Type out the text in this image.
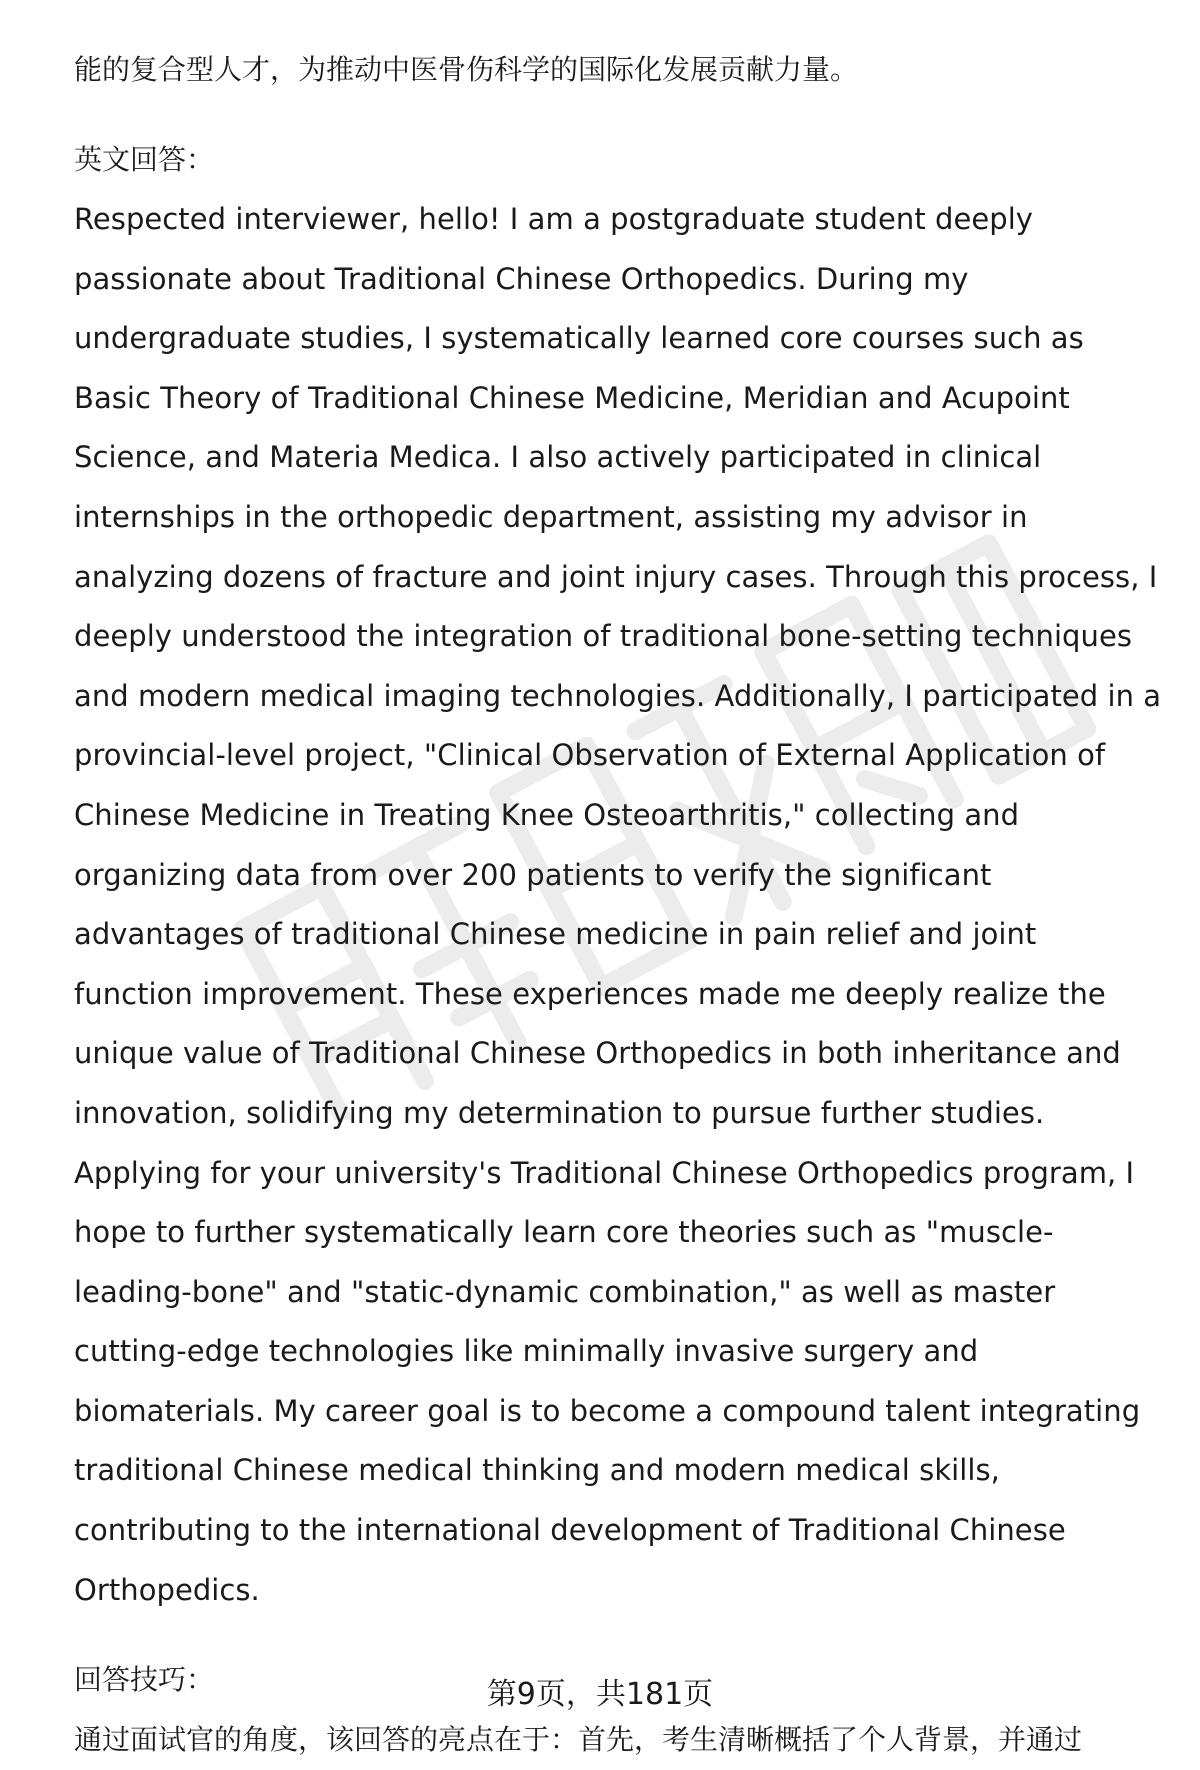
能的复合型人才，为推动中医骨伤科学的国际化发展贡献力量。

英文回答：

Respected interviewer, hello! I am a postgraduate student deeply passionate about Traditional Chinese Orthopedics. During my undergraduate studies, I systematically learned core courses such as Basic Theory of Traditional Chinese Medicine, Meridian and Acupoint Science, and Materia Medica. I also actively participated in clinical internships in the orthopedic department, assisting my advisor in analyzing dozens of fracture and joint injury cases. Through this process, I deeply understood the integration of traditional bone-setting techniques and modern medical imaging technologies. Additionally, I participated in a provincial-level project, "Clinical Observation of External Application of Chinese Medicine in Treating Knee Osteoarthritis," collecting and organizing data from over 200 patients to verify the significant advantages of traditional Chinese medicine in pain relief and joint function improvement. These experiences made me deeply realize the unique value of Traditional Chinese Orthopedics in both inheritance and innovation, solidifying my determination to pursue further studies. Applying for your university's Traditional Chinese Orthopedics program, I hope to further systematically learn core theories such as "muscle-leading-bone" and "static-dynamic combination," as well as master cutting-edge technologies like minimally invasive surgery and biomaterials. My career goal is to become a compound talent integrating traditional Chinese medical thinking and modern medical skills, contributing to the international development of Traditional Chinese Orthopedics.

回答技巧：

通过面试官的角度，该回答的亮点在于：首先，考生清晰概括了个人背景，并通过

第9页，共181页
